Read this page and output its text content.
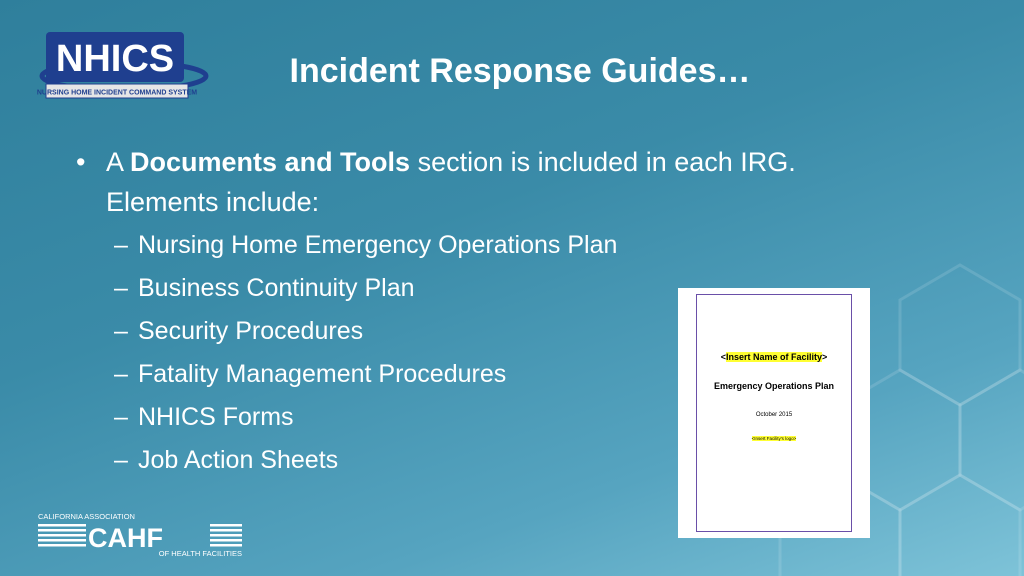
NHICS
NURSING HOME INCIDENT COMMAND SYSTEM
Incident Response Guides…
• A Documents and Tools section is included in each IRG.
Elements include:
– Nursing Home Emergency Operations Plan
– Business Continuity Plan
– Security Procedures
– Fatality Management Procedures
– NHICS Forms
– Job Action Sheets
<Insert Name of Facility>
Emergency Operations Plan
October 2015
<Insert Facility's logo>
CALIFORNIA ASSOCIATION
CAHF
OF HEALTH FACILITIES
